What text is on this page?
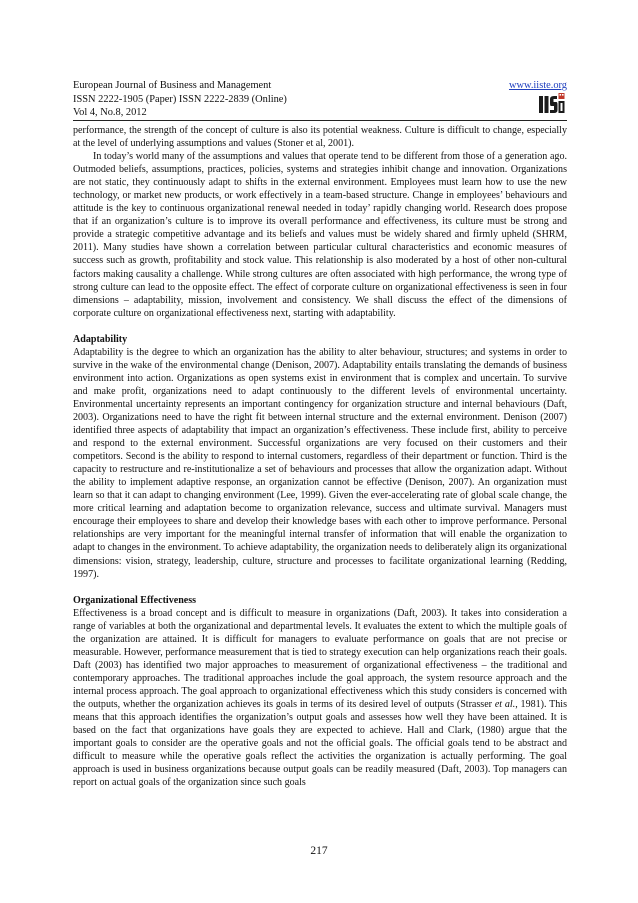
European Journal of Business and Management
ISSN 2222-1905 (Paper) ISSN 2222-2839 (Online)
Vol 4, No.8, 2012
www.iiste.org

performance, the strength of the concept of culture is also its potential weakness. Culture is difficult to change, especially at the level of underlying assumptions and values (Stoner et al, 2001).

In today’s world many of the assumptions and values that operate tend to be different from those of a generation ago. Outmoded beliefs, assumptions, practices, policies, systems and strategies inhibit change and innovation. Organizations are not static, they continuously adapt to shifts in the external environment. Employees must learn how to use the new technology, or market new products, or work effectively in a team-based structure. Change in employees’ behaviours and attitude is the key to continuous organizational renewal needed in today’ rapidly changing world. Research does propose that if an organization’s culture is to improve its overall performance and effectiveness, its culture must be strong and provide a strategic competitive advantage and its beliefs and values must be widely shared and firmly upheld (SHRM, 2011). Many studies have shown a correlation between particular cultural characteristics and economic measures of success such as growth, profitability and stock value. This relationship is also moderated by a host of other non-cultural factors making causality a challenge. While strong cultures are often associated with high performance, the wrong type of strong culture can lead to the opposite effect. The effect of corporate culture on organizational effectiveness is seen in four dimensions – adaptability, mission, involvement and consistency. We shall discuss the effect of the dimensions of corporate culture on organizational effectiveness next, starting with adaptability.

Adaptability

Adaptability is the degree to which an organization has the ability to alter behaviour, structures; and systems in order to survive in the wake of the environmental change (Denison, 2007). Adaptability entails translating the demands of business environment into action. Organizations as open systems exist in environment that is complex and uncertain. To survive and make profit, organizations need to adapt continuously to the different levels of environmental uncertainty. Environmental uncertainty represents an important contingency for organization structure and internal behaviours (Daft, 2003). Organizations need to have the right fit between internal structure and the external environment. Denison (2007) identified three aspects of adaptability that impact an organization’s effectiveness. These include first, ability to perceive and respond to the external environment. Successful organizations are very focused on their customers and their competitors. Second is the ability to respond to internal customers, regardless of their department or function. Third is the capacity to restructure and re-institutionalize a set of behaviours and processes that allow the organization adapt. Without the ability to implement adaptive response, an organization cannot be effective (Denison, 2007). An organization must learn so that it can adapt to changing environment (Lee, 1999). Given the ever-accelerating rate of global scale change, the more critical learning and adaptation become to organization relevance, success and ultimate survival. Managers must encourage their employees to share and develop their knowledge bases with each other to improve performance. Personal relationships are very important for the meaningful internal transfer of information that will enable the organization to adapt to changes in the environment. To achieve adaptability, the organization needs to deliberately align its organizational dimensions: vision, strategy, leadership, culture, structure and processes to facilitate organizational learning (Redding, 1997).

Organizational Effectiveness

Effectiveness is a broad concept and is difficult to measure in organizations (Daft, 2003). It takes into consideration a range of variables at both the organizational and departmental levels. It evaluates the extent to which the multiple goals of the organization are attained. It is difficult for managers to evaluate performance on goals that are not precise or measurable. However, performance measurement that is tied to strategy execution can help organizations reach their goals. Daft (2003) has identified two major approaches to measurement of organizational effectiveness – the traditional and contemporary approaches. The traditional approaches include the goal approach, the system resource approach and the internal process approach. The goal approach to organizational effectiveness which this study considers is concerned with the outputs, whether the organization achieves its goals in terms of its desired level of outputs (Strasser et al., 1981). This means that this approach identifies the organization’s output goals and assesses how well they have been attained. It is based on the fact that organizations have goals they are expected to achieve. Hall and Clark, (1980) argue that the important goals to consider are the operative goals and not the official goals. The official goals tend to be abstract and difficult to measure while the operative goals reflect the activities the organization is actually performing. The goal approach is used in business organizations because output goals can be readily measured (Daft, 2003). Top managers can report on actual goals of the organization since such goals

217
